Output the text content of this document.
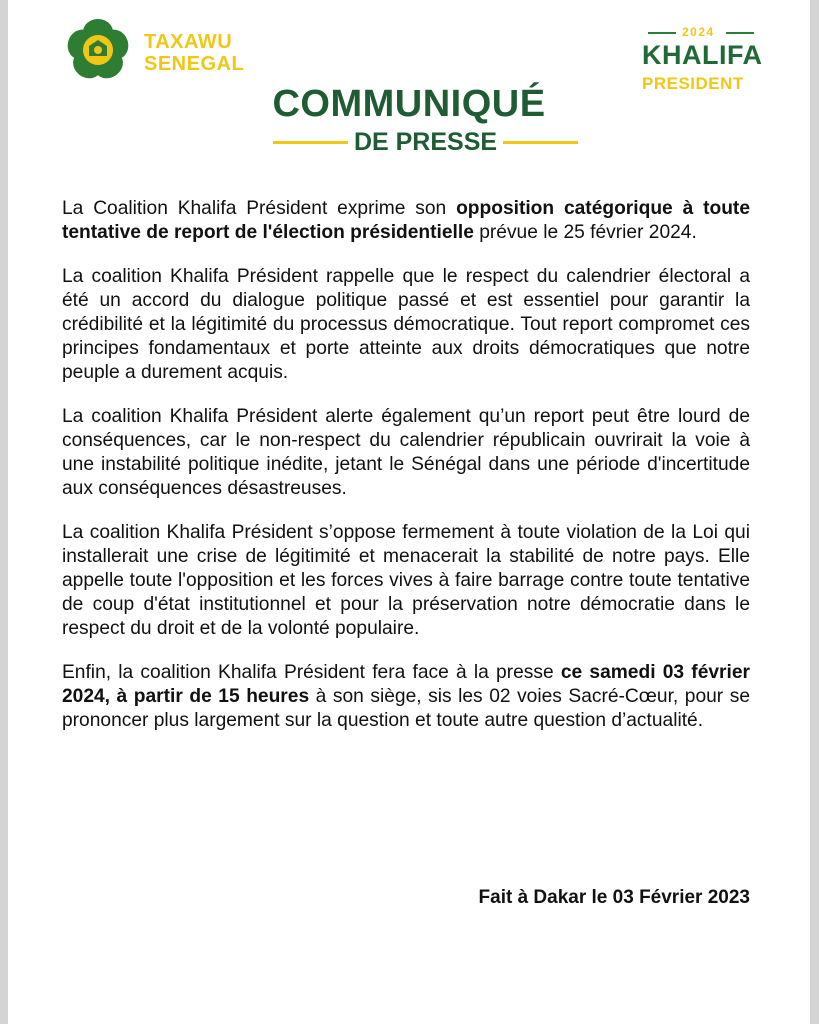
TAXAWU
SENEGAL
2024
KHALIFA
PRESIDENT
COMMUNIQUÉ
DE PRESSE

La Coalition Khalifa Président exprime son opposition catégorique à toute tentative de report de l'élection présidentielle prévue le 25 février 2024.

La coalition Khalifa Président rappelle que le respect du calendrier électoral a été un accord du dialogue politique passé et est essentiel pour garantir la crédibilité et la légitimité du processus démocratique. Tout report compromet ces principes fondamentaux et porte atteinte aux droits démocratiques que notre peuple a durement acquis.

La coalition Khalifa Président alerte également qu’un report peut être lourd de conséquences, car le non-respect du calendrier républicain ouvrirait la voie à une instabilité politique inédite, jetant le Sénégal dans une période d'incertitude aux conséquences désastreuses.

La coalition Khalifa Président s’oppose fermement à toute violation de la Loi qui installerait une crise de légitimité et menacerait la stabilité de notre pays. Elle appelle toute l'opposition et les forces vives à faire barrage contre toute tentative de coup d'état institutionnel et pour la préservation notre démocratie dans le respect du droit et de la volonté populaire.

Enfin, la coalition Khalifa Président fera face à la presse ce samedi 03 février 2024, à partir de 15 heures à son siège, sis les 02 voies Sacré-Cœur, pour se prononcer plus largement sur la question et toute autre question d’actualité.

Fait à Dakar le 03 Février 2023
